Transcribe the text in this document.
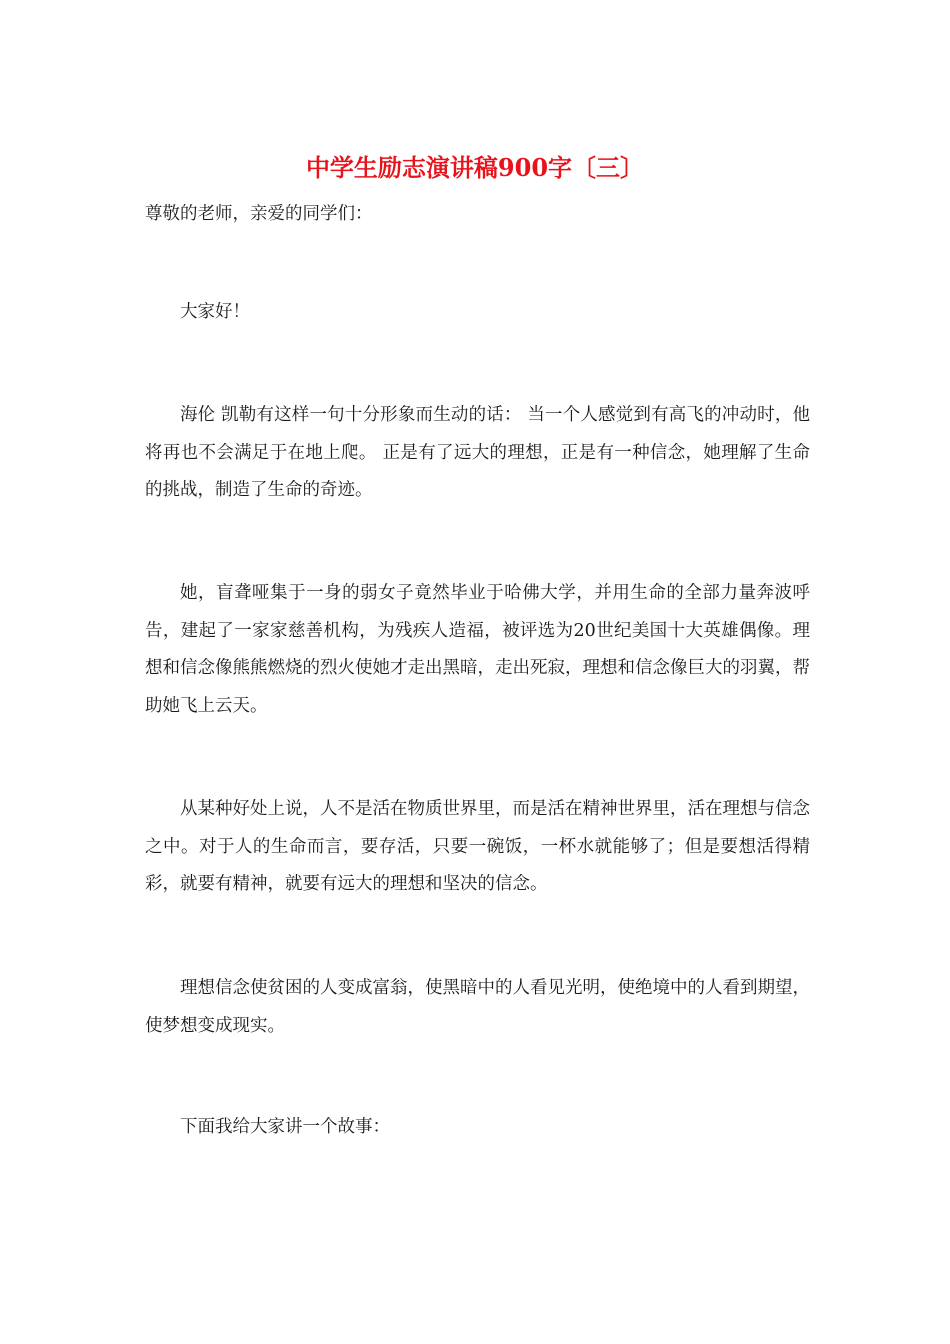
中学生励志演讲稿900字〔三〕
尊敬的老师，亲爱的同学们：

大家好！

海伦 凯勒有这样一句十分形象而生动的话： 当一个人感觉到有高飞的冲动时，他将再也不会满足于在地上爬。 正是有了远大的理想，正是有一种信念，她理解了生命的挑战，制造了生命的奇迹。

她，盲聋哑集于一身的弱女子竟然毕业于哈佛大学，并用生命的全部力量奔波呼告，建起了一家家慈善机构，为残疾人造福，被评选为20世纪美国十大英雄偶像。理想和信念像熊熊燃烧的烈火使她才走出黑暗，走出死寂，理想和信念像巨大的羽翼，帮助她飞上云天。

从某种好处上说，人不是活在物质世界里，而是活在精神世界里，活在理想与信念之中。对于人的生命而言，要存活，只要一碗饭，一杯水就能够了；但是要想活得精彩，就要有精神，就要有远大的理想和坚决的信念。

理想信念使贫困的人变成富翁，使黑暗中的人看见光明，使绝境中的人看到期望，使梦想变成现实。

下面我给大家讲一个故事：
